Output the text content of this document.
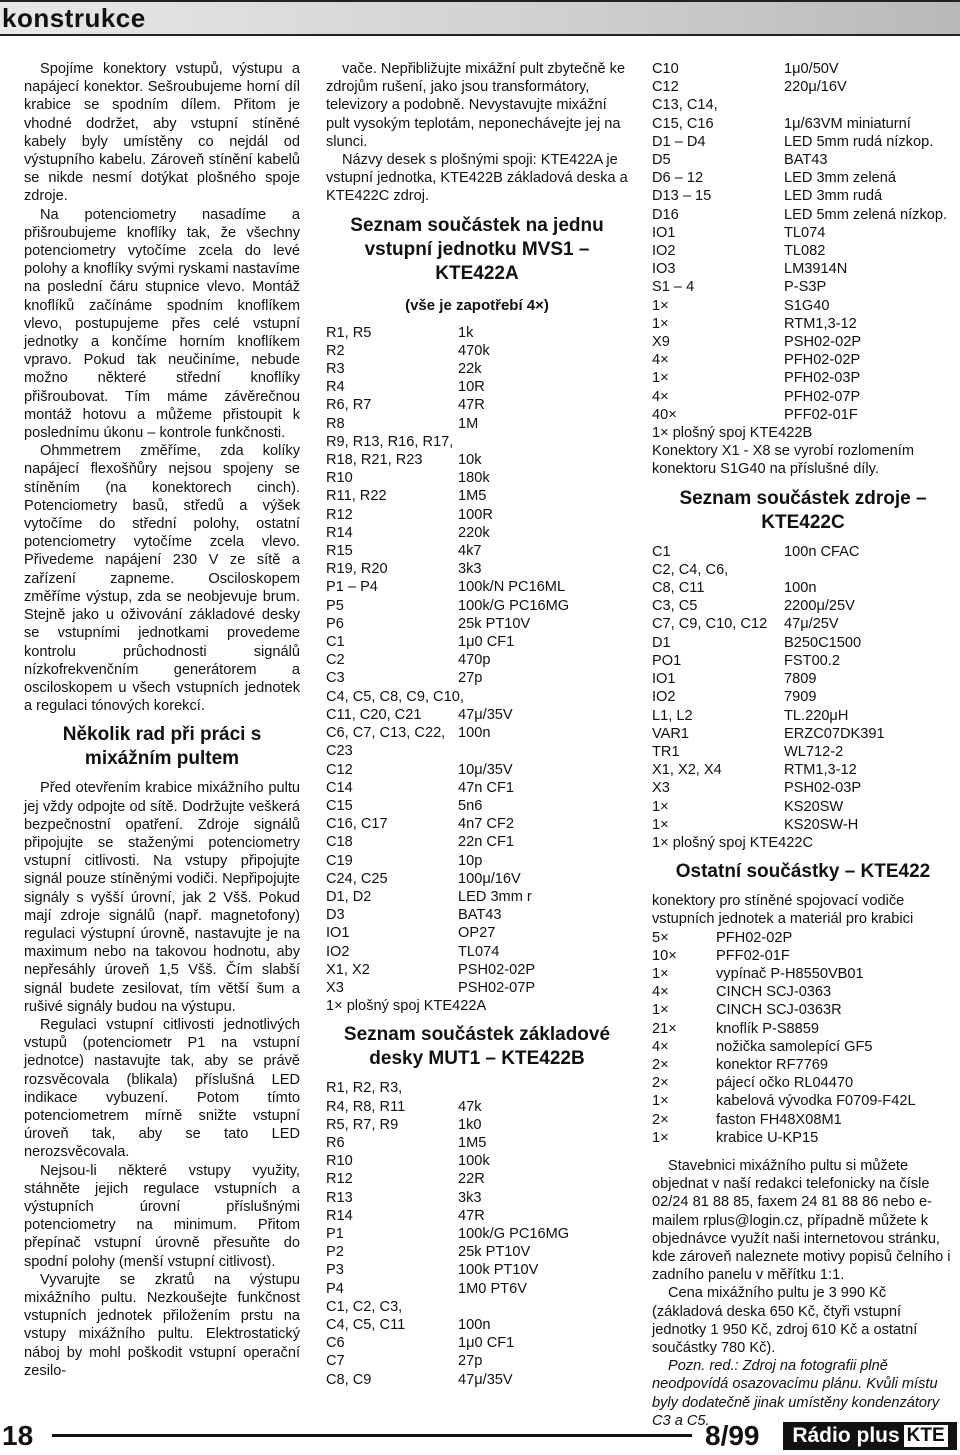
konstrukce

Spojíme konektory vstupů, výstupu a napájecí konektor. Sešroubujeme horní díl krabice se spodním dílem. Přitom je vhodné dodržet, aby vstupní stíněné kabely byly umístěny co nejdál od výstupního kabelu. Zároveň stínění kabelů se nikde nesmí dotýkat plošného spoje zdroje.

Na potenciometry nasadíme a přišroubujeme knoflíky tak, že všechny potenciometry vytočíme zcela do levé polohy a knoflíky svými ryskami nastavíme na poslední čáru stupnice vlevo. Montáž knoflíků začínáme spodním knoflíkem vlevo, postupujeme přes celé vstupní jednotky a končíme horním knoflíkem vpravo. Pokud tak neučiníme, nebude možno některé střední knoflíky přišroubovat. Tím máme závěrečnou montáž hotovu a můžeme přistoupit k poslednímu úkonu – kontrole funkčnosti.

Ohmmetrem změříme, zda kolíky napájecí flexošňůry nejsou spojeny se stíněním (na konektorech cinch). Potenciometry basů, středů a výšek vytočíme do střední polohy, ostatní potenciometry vytočíme zcela vlevo. Přivedeme napájení 230 V ze sítě a zařízení zapneme. Osciloskopem změříme výstup, zda se neobjevuje brum. Stejně jako u oživování základové desky se vstupními jednotkami provedeme kontrolu průchodnosti signálů nízkofrekvenčním generátorem a osciloskopem u všech vstupních jednotek a regulaci tónových korekcí.

Několik rad při práci s mixážním pultem

Před otevřením krabice mixážního pultu jej vždy odpojte od sítě. Dodržujte veškerá bezpečnostní opatření. Zdroje signálů připojujte se staženými potenciometry vstupní citlivosti. Na vstupy připojujte signál pouze stíněnými vodiči. Nepřipojujte signály s vyšší úrovní, jak 2 Všš. Pokud mají zdroje signálů (např. magnetofony) regulaci výstupní úrovně, nastavujte je na maximum nebo na takovou hodnotu, aby nepřesáhly úroveň 1,5 Všš. Čím slabší signál budete zesilovat, tím větší šum a rušivé signály budou na výstupu.

Regulaci vstupní citlivosti jednotlivých vstupů (potenciometr P1 na vstupní jednotce) nastavujte tak, aby se právě rozsvěcovala (blikala) příslušná LED indikace vybuzení. Potom tímto potenciometrem mírně snižte vstupní úroveň tak, aby se tato LED nerozsvěcovala.

Nejsou-li některé vstupy využity, stáhněte jejich regulace vstupních a výstupních úrovní příslušnými potenciometry na minimum. Přitom přepínač vstupní úrovně přesuňte do spodní polohy (menší vstupní citlivost).

Vyvarujte se zkratů na výstupu mixážního pultu. Nezkoušejte funkčnost vstupních jednotek přiložením prstu na vstupy mixážního pultu. Elektrostatický náboj by mohl poškodit vstupní operační zesilo-

vače. Nepřibližujte mixážní pult zbytečně ke zdrojům rušení, jako jsou transformátory, televizory a podobně. Nevystavujte mixážní pult vysokým teplotám, neponechávejte jej na slunci.

Názvy desek s plošnými spoji: KTE422A je vstupní jednotka, KTE422B základová deska a KTE422C zdroj.

Seznam součástek na jednu vstupní jednotku MVS1 – KTE422A
(vše je zapotřebí 4×)
R1, R5	1k
R2	470k
R3	22k
R4	10R
R6, R7	47R
R8	1M
R9, R13, R16, R17,
R18, R21, R23	10k
R10	180k
R11, R22	1M5
R12	100R
R14	220k
R15	4k7
R19, R20	3k3
P1 – P4	100k/N PC16ML
P5	100k/G PC16MG
P6	25k PT10V
C1	1μ0 CF1
C2	470p
C3	27p
C4, C5, C8, C9, C10,
C11, C20, C21	47μ/35V
C6, C7, C13, C22, C23
100n
C12	10μ/35V
C14	47n CF1
C15	5n6
C16, C17	4n7 CF2
C18	22n CF1
C19	10p
C24, C25	100μ/16V
D1, D2	LED 3mm r
D3	BAT43
IO1	OP27
IO2	TL074
X1, X2	PSH02-02P
X3	PSH02-07P
1× plošný spoj KTE422A
Seznam součástek základové desky MUT1 – KTE422B
R1, R2, R3,
R4, R8, R11	47k
R5, R7, R9	1k0
R6	1M5
R10	100k
R12	22R
R13	3k3
R14	47R
P1	100k/G PC16MG
P2	25k PT10V
P3	100k PT10V
P4	1M0 PT6V
C1, C2, C3,
C4, C5, C11	100n
C6	1μ0 CF1
C7	27p
C8, C9	47μ/35V
C10	1μ0/50V
C12	220μ/16V
C13, C14,
C15, C16	1μ/63VM miniaturní
D1 – D4	LED 5mm rudá nízkop.
D5	BAT43
D6 – 12	LED 3mm zelená
D13 – 15	LED 3mm rudá
D16	LED 5mm zelená nízkop.
IO1	TL074
IO2	TL082
IO3	LM3914N
S1 – 4	P-S3P
1×	S1G40
1×	RTM1,3-12
X9	PSH02-02P
4×	PFH02-02P
1×	PFH02-03P
4×	PFH02-07P
40×	PFF02-01F
1× plošný spoj KTE422B

Konektory X1 - X8 se vyrobí rozlomením konektoru S1G40 na příslušné díly.

Seznam součástek zdroje – KTE422C
C1	100n CFAC
C2, C4, C6,
C8, C11	100n
C3, C5	2200μ/25V
C7, C9, C10, C12	47μ/25V
D1	B250C1500
PO1	FST00.2
IO1	7809
IO2	7909
L1, L2	TL.220μH
VAR1	ERZC07DK391
TR1	WL712-2
X1, X2, X4	RTM1,3-12
X3	PSH02-03P
1×	KS20SW
1×	KS20SW-H
1× plošný spoj KTE422C
Ostatní součástky – KTE422

konektory pro stíněné spojovací vodiče vstupních jednotek a materiál pro krabici

5×	PFH02-02P
10×	PFF02-01F
1×	vypínač P-H8550VB01
4×	CINCH SCJ-0363
1×	CINCH SCJ-0363R
21×	knoflík P-S8859
4×	nožička samolepící GF5
2×	konektor RF7769
2×	pájecí očko RL04470
1×	kabelová vývodka F0709-F42L
2×	faston FH48X08M1
1×	krabice U-KP15

Stavebnici mixážního pultu si můžete objednat v naší redakci telefonicky na čísle 02/24 81 88 85, faxem 24 81 88 86 nebo e-mailem rplus@login.cz, případně můžete k objednávce využít naši internetovou stránku, kde zároveň naleznete motivy popisů čelního i zadního panelu v měřítku 1:1.

Cena mixážního pultu je 3 990 Kč (základová deska 650 Kč, čtyři vstupní jednotky 1 950 Kč, zdroj 610 Kč a ostatní součástky 780 Kč).

Pozn. red.: Zdroj na fotografii plně neodpovídá osazovacímu plánu. Kvůli místu byly dodatečně jinak umístěny kondenzátory C3 a C5.

18	8/99 Rádio plus KTE
